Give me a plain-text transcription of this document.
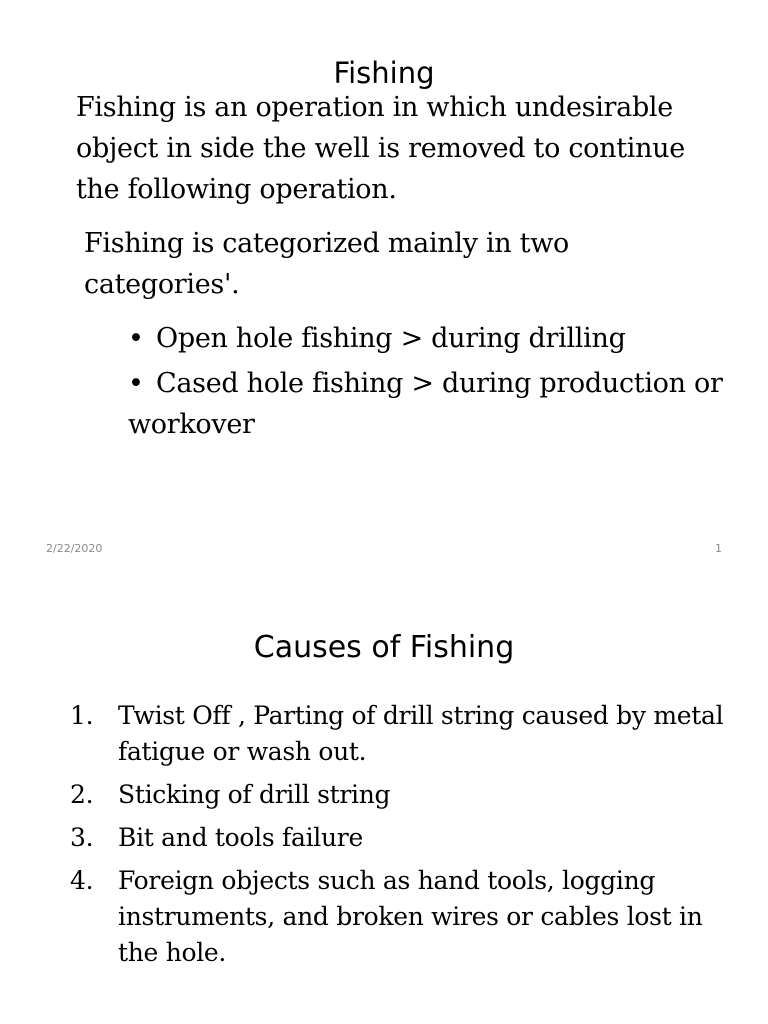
Fishing

Fishing is an operation in which undesirable object in side the well is removed to continue the following operation.

Fishing is categorized mainly in two categories'.

• Open hole fishing > during drilling
• Cased hole fishing > during production or workover
2/22/2020	1
Causes of Fishing
1. Twist Off , Parting of drill string caused by metal fatigue or wash out.
2. Sticking of drill string
3. Bit and tools failure
4. Foreign objects such as hand tools, logging instruments, and broken wires or cables lost in the hole.
